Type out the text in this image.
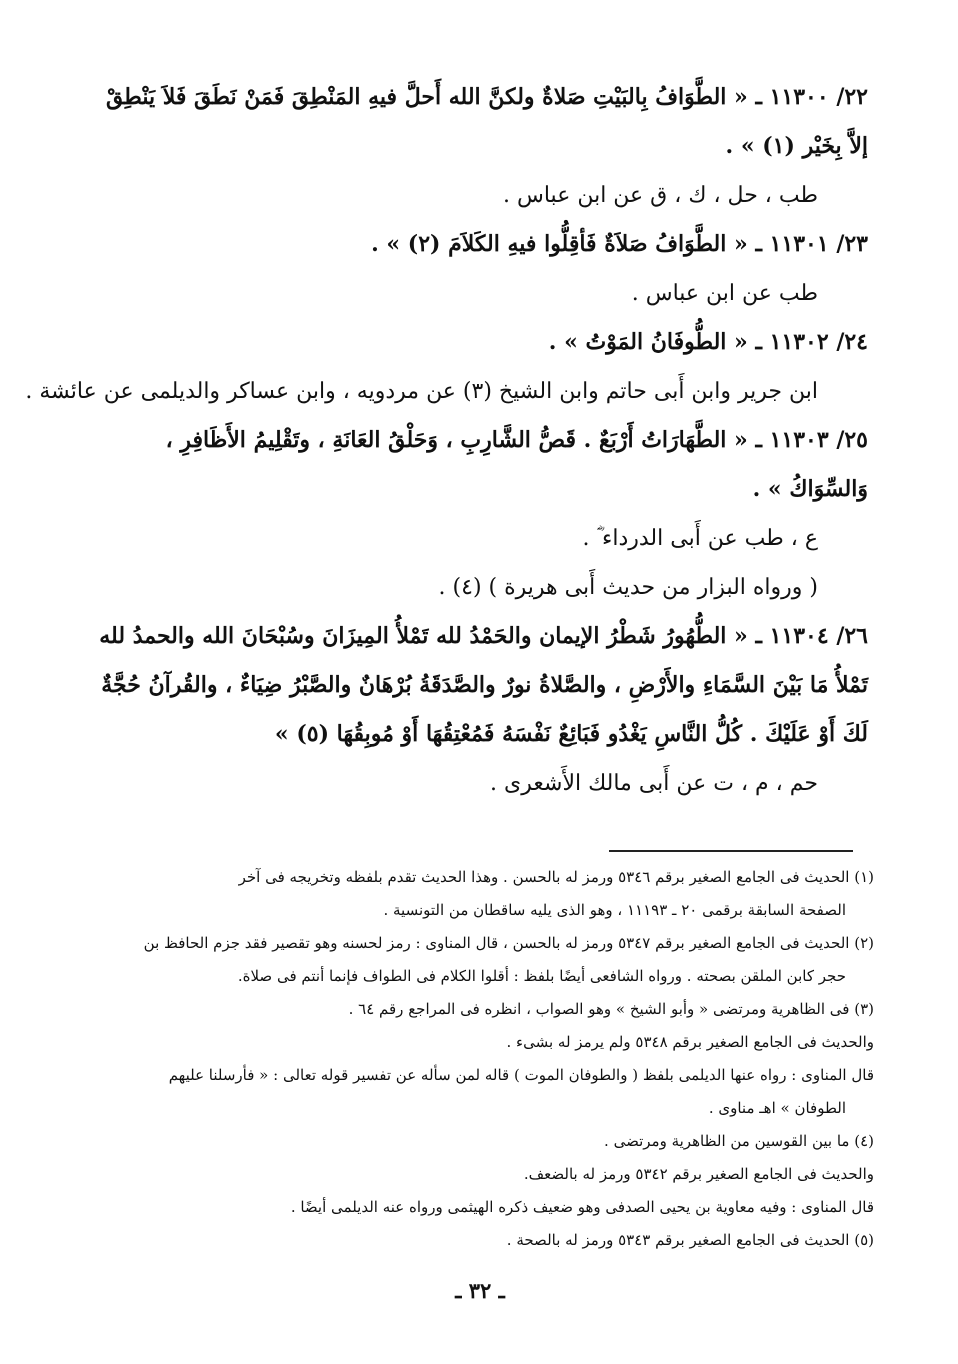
٢٢/ ١١٣٠٠ ـ « الطَّوَافُ بِالبَيْتِ صَلاةٌ ولكنَّ الله أَحلَّ فيهِ المَنْطِقَ فَمَنْ نَطَقَ فَلاَ يَنْطِقْ
إلاَّ بِخَيْر (١) » .
طب ، حل ، ك ، ق عن ابن عباس .
٢٣/ ١١٣٠١ ـ « الطَّوَافُ صَلاَةٌ فَأقِلُّوا فيهِ الكَلاَمَ (٢) » .
طب عن ابن عباس .
٢٤/ ١١٣٠٢ ـ « الطُّوفَانُ المَوْتُ » .
ابن جرير وابن أَبى حاتم وابن الشيخ (٣) عن مردويه ، وابن عساكر والديلمى عن عائشة .
٢٥/ ١١٣٠٣ ـ « الطَّهَارَاتُ أَرْبَعٌ . قَصُّ الشَّارِبِ ، وَحَلْقُ العَانَةِ ، وتَقْلِيمُ الأَظَافِرِ ،
وَالسِّوَاكُ » .
ع ، طب عن أَبى الدرداء ؓ .
( ورواه البزار من حديث أَبى هريرة ) (٤) .
٢٦/ ١١٣٠٤ ـ « الطُّهُورُ شَطْرُ الإيمان والحَمْدُ لله تَمْلأُ المِيزَانَ وسُبْحَانَ الله والحمدُ لله
تَمْلأُ مَا بَيْنَ السَّمَاءِ والأَرْضِ ، والصَّلاةُ نورٌ والصَّدَقَةُ بُرْهَانٌ والصَّبْرُ ضِيَاءٌ ، والقُرآنُ حُجَّةٌ
لَكَ أَوْ عَلَيْكَ . كُلُّ النَّاسِ يَغْدُو فَبَائِعٌ نَفْسَهُ فَمُعْتِقُهَا أَوْ مُوبِقُهَا (٥) »
حم ، م ، ت عن أَبى مالك الأَشعرى .
(١) الحديث فى الجامع الصغير برقم ٥٣٤٦ ورمز له بالحسن . وهذا الحديث تقدم بلفظه وتخريجه فى آخر
الصفحة السابقة برقمى ٢٠ ـ ١١١٩٣ ، وهو الذى يليه ساقطان من التونسية .
(٢) الحديث فى الجامع الصغير برقم ٥٣٤٧ ورمز له بالحسن ، قال المناوى : رمز لحسنه وهو تقصير فقد جزم الحافظ بن
حجر كابن الملقن بصحته . ورواه الشافعى أيضًا بلفظ : أقلوا الكلام فى الطواف فإنما أنتم فى صلاة.
(٣) فى الظاهرية ومرتضى « وأبو الشيخ » وهو الصواب ، انظره فى المراجع رقم ٦٤ .
والحديث فى الجامع الصغير برقم ٥٣٤٨ ولم يرمز له بشىء .
قال المناوى : رواه عنها الديلمى بلفظ ( والطوفان الموت ) قاله لمن سأله عن تفسير قوله تعالى : « فأرسلنا عليهم
الطوفان » اهـ مناوى .
(٤) ما بين القوسين من الظاهرية ومرتضى .
والحديث فى الجامع الصغير برقم ٥٣٤٢ ورمز له بالضعف.
قال المناوى : وفيه معاوية بن يحيى الصدفى وهو ضعيف ذكره الهيثمى ورواه عنه الديلمى أيضًا .
(٥) الحديث فى الجامع الصغير برقم ٥٣٤٣ ورمز له بالصحة .
ـ ٣٢ ـ
